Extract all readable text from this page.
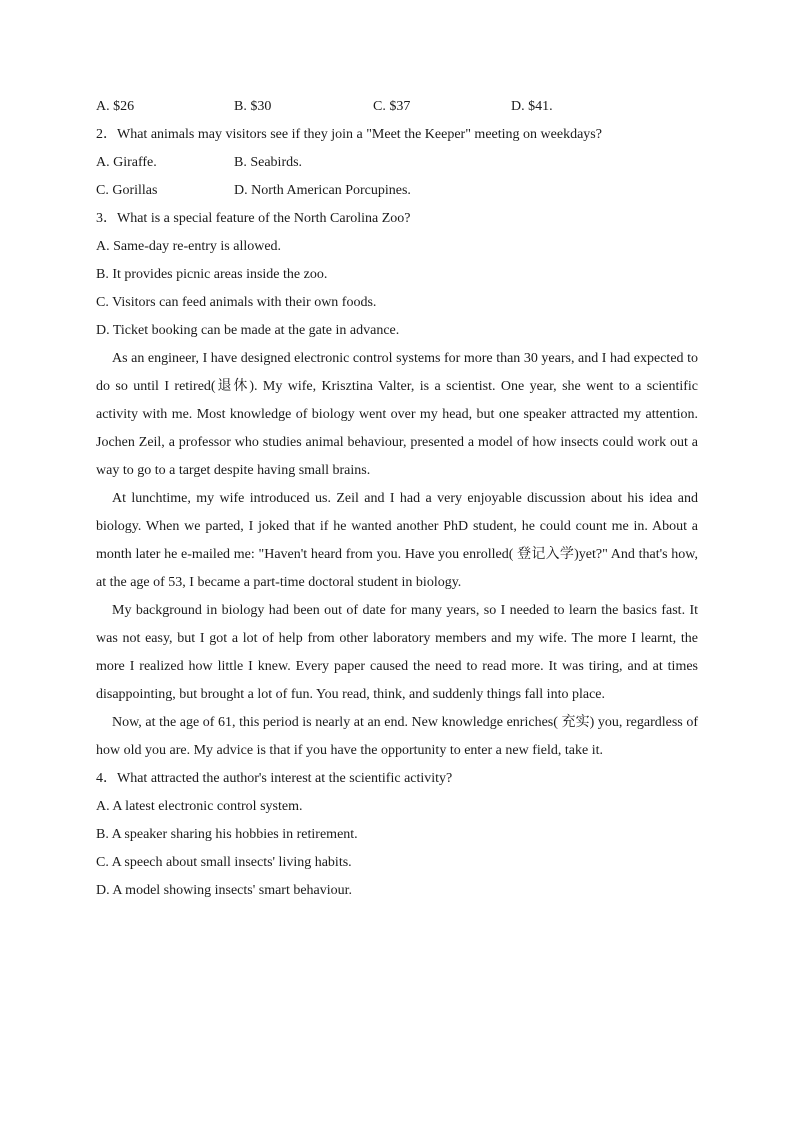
A. $26	B. $30	C. $37	D. $41.
2．What animals may visitors see if they join a "Meet the Keeper" meeting on weekdays?
A. Giraffe.	B. Seabirds.
C. Gorillas	D. North American Porcupines.
3．What is a special feature of the North Carolina Zoo?
A. Same-day re-entry is allowed.
B. It provides picnic areas inside the zoo.
C. Visitors can feed animals with their own foods.
D. Ticket booking can be made at the gate in advance.

As an engineer, I have designed electronic control systems for more than 30 years, and I had expected to do so until I retired(退休). My wife, Krisztina Valter, is a scientist. One year, she went to a scientific activity with me. Most knowledge of biology went over my head, but one speaker attracted my attention. Jochen Zeil, a professor who studies animal behaviour, presented a model of how insects could work out a way to go to a target despite having small brains.

At lunchtime, my wife introduced us. Zeil and I had a very enjoyable discussion about his idea and biology. When we parted, I joked that if he wanted another PhD student, he could count me in. About a month later he e-mailed me: "Haven't heard from you. Have you enrolled( 登记入学)yet?" And that's how, at the age of 53, I became a part-time doctoral student in biology.

My background in biology had been out of date for many years, so I needed to learn the basics fast. It was not easy, but I got a lot of help from other laboratory members and my wife. The more I learnt, the more I realized how little I knew. Every paper caused the need to read more. It was tiring, and at times disappointing, but brought a lot of fun. You read, think, and suddenly things fall into place.

Now, at the age of 61, this period is nearly at an end. New knowledge enriches( 充实) you, regardless of how old you are. My advice is that if you have the opportunity to enter a new field, take it.

4．What attracted the author's interest at the scientific activity?
A. A latest electronic control system.
B. A speaker sharing his hobbies in retirement.
C. A speech about small insects' living habits.
D. A model showing insects' smart behaviour.
